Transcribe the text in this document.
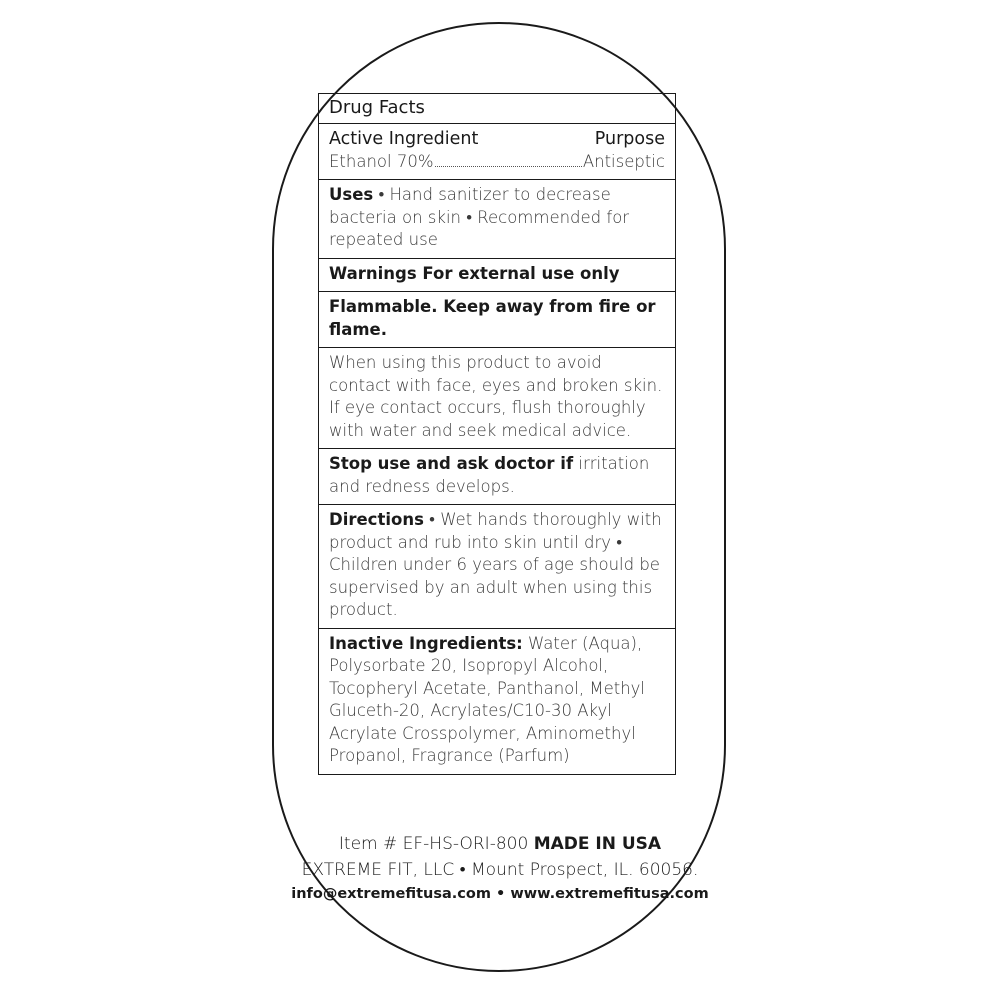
Drug Facts
Active Ingredient	Purpose
Ethanol 70%	Antiseptic
Uses • Hand sanitizer to decrease bacteria on skin • Recommended for repeated use
Warnings For external use only
Flammable. Keep away from fire or flame.
When using this product to avoid contact with face, eyes and broken skin. If eye contact occurs, flush thoroughly with water and seek medical advice.
Stop use and ask doctor if irritation and redness develops.
Directions • Wet hands thoroughly with product and rub into skin until dry • Children under 6 years of age should be supervised by an adult when using this product.
Inactive Ingredients: Water (Aqua), Polysorbate 20, Isopropyl Alcohol, Tocopheryl Acetate, Panthanol, Methyl Gluceth-20, Acrylates/C10-30 Akyl Acrylate Crosspolymer, Aminomethyl Propanol, Fragrance (Parfum)
Item # EF-HS-ORI-800 MADE IN USA
EXTREME FIT, LLC • Mount Prospect, IL. 60056.
info@extremefitusa.com • www.extremefitusa.com
